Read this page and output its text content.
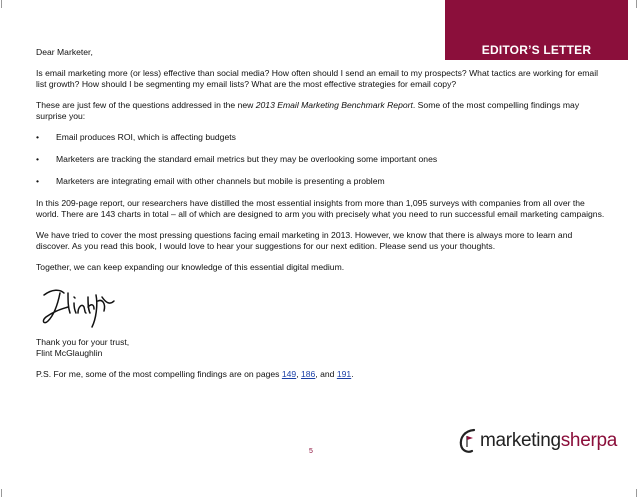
EDITOR’S LETTER

Dear Marketer,

Is email marketing more (or less) effective than social media? How often should I send an email to my prospects? What tactics are working for email list growth? How should I be segmenting my email lists? What are the most effective strategies for email copy?

These are just few of the questions addressed in the new 2013 Email Marketing Benchmark Report. Some of the most compelling findings may surprise you:

•	Email produces ROI, which is affecting budgets
•	Marketers are tracking the standard email metrics but they may be overlooking some important ones
•	Marketers are integrating email with other channels but mobile is presenting a problem

In this 209-page report, our researchers have distilled the most essential insights from more than 1,095 surveys with companies from all over the world. There are 143 charts in total – all of which are designed to arm you with precisely what you need to run successful email marketing campaigns.

We have tried to cover the most pressing questions facing email marketing in 2013. However, we know that there is always more to learn and discover. As you read this book, I would love to hear your suggestions for our next edition. Please send us your thoughts.

Together, we can keep expanding our knowledge of this essential digital medium.

Thank you for your trust,
Flint McGlaughlin

P.S. For me, some of the most compelling findings are on pages 149, 186, and 191.

5
marketing sherpa
